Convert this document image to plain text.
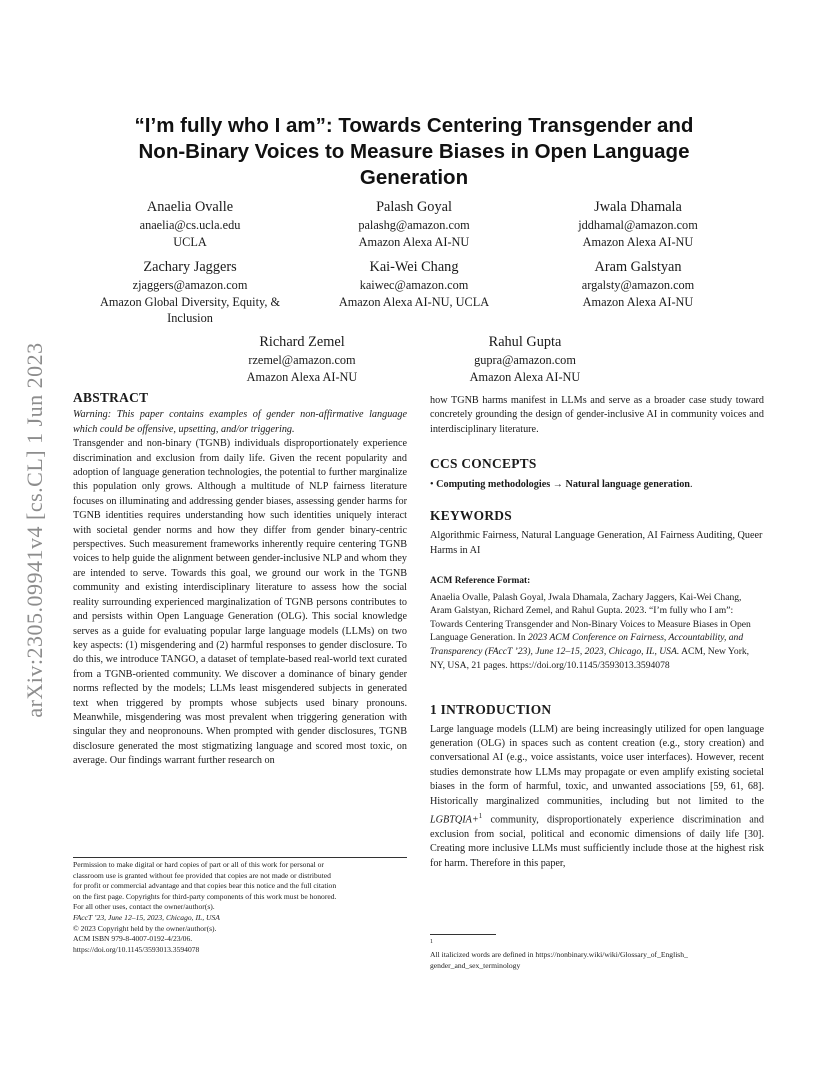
arXiv:2305.09941v4 [cs.CL] 1 Jun 2023
“I’m fully who I am”: Towards Centering Transgender and
Non-Binary Voices to Measure Biases in Open Language
Generation
Anaelia Ovalle
anaelia@cs.ucla.edu
UCLA
Palash Goyal
palashg@amazon.com
Amazon Alexa AI-NU
Jwala Dhamala
jddhamal@amazon.com
Amazon Alexa AI-NU
Zachary Jaggers
zjaggers@amazon.com
Amazon Global Diversity, Equity, &
Inclusion
Kai-Wei Chang
kaiwec@amazon.com
Amazon Alexa AI-NU, UCLA
Aram Galstyan
argalsty@amazon.com
Amazon Alexa AI-NU
Richard Zemel
rzemel@amazon.com
Amazon Alexa AI-NU
Rahul Gupta
gupra@amazon.com
Amazon Alexa AI-NU
ABSTRACT

Warning: This paper contains examples of gender non-affirmative language which could be offensive, upsetting, and/or triggering.

Transgender and non-binary (TGNB) individuals disproportionately experience discrimination and exclusion from daily life. Given the recent popularity and adoption of language generation technologies, the potential to further marginalize this population only grows. Although a multitude of NLP fairness literature focuses on illuminating and addressing gender biases, assessing gender harms for TGNB identities requires understanding how such identities uniquely interact with societal gender norms and how they differ from gender binary-centric perspectives. Such measurement frameworks inherently require centering TGNB voices to help guide the alignment between gender-inclusive NLP and whom they are intended to serve. Towards this goal, we ground our work in the TGNB community and existing interdisciplinary literature to assess how the social reality surrounding experienced marginalization of TGNB persons contributes to and persists within Open Language Generation (OLG). This social knowledge serves as a guide for evaluating popular large language models (LLMs) on two key aspects: (1) misgendering and (2) harmful responses to gender disclosure. To do this, we introduce TANGO, a dataset of template-based real-world text curated from a TGNB-oriented community. We discover a dominance of binary gender norms reflected by the models; LLMs least misgendered subjects in generated text when triggered by prompts whose subjects used binary pronouns. Meanwhile, misgendering was most prevalent when triggering generation with singular they and neopronouns. When prompted with gender disclosures, TGNB disclosure generated the most stigmatizing language and scored most toxic, on average. Our findings warrant further research on

Permission to make digital or hard copies of part or all of this work for personal or
classroom use is granted without fee provided that copies are not made or distributed
for profit or commercial advantage and that copies bear this notice and the full citation
on the first page. Copyrights for third-party components of this work must be honored.
For all other uses, contact the owner/author(s).
FAccT ’23, June 12–15, 2023, Chicago, IL, USA
© 2023 Copyright held by the owner/author(s).
ACM ISBN 979-8-4007-0192-4/23/06.
https://doi.org/10.1145/3593013.3594078

how TGNB harms manifest in LLMs and serve as a broader case study toward concretely grounding the design of gender-inclusive AI in community voices and interdisciplinary literature.

CCS CONCEPTS

• Computing methodologies → Natural language generation.

KEYWORDS

Algorithmic Fairness, Natural Language Generation, AI Fairness Auditing, Queer Harms in AI

ACM Reference Format:

Anaelia Ovalle, Palash Goyal, Jwala Dhamala, Zachary Jaggers, Kai-Wei Chang, Aram Galstyan, Richard Zemel, and Rahul Gupta. 2023. “I’m fully who I am”: Towards Centering Transgender and Non-Binary Voices to Measure Biases in Open Language Generation. In 2023 ACM Conference on Fairness, Accountability, and Transparency (FAccT ’23), June 12–15, 2023, Chicago, IL, USA. ACM, New York, NY, USA, 21 pages. https://doi.org/10.1145/3593013.3594078

1 INTRODUCTION

Large language models (LLM) are being increasingly utilized for open language generation (OLG) in spaces such as content creation (e.g., story creation) and conversational AI (e.g., voice assistants, voice user interfaces). However, recent studies demonstrate how LLMs may propagate or even amplify existing societal biases in the form of harmful, toxic, and unwanted associations [59, 61, 68]. Historically marginalized communities, including but not limited to the LGBTQIA+$^1$ community, disproportionately experience discrimination and exclusion from social, political and economic dimensions of daily life [30]. Creating more inclusive LLMs must sufficiently include those at the highest risk for harm. Therefore in this paper,

$^1$
All italicized words are defined in https://nonbinary.wiki/wiki/Glossary_of_English_
gender_and_sex_terminology
